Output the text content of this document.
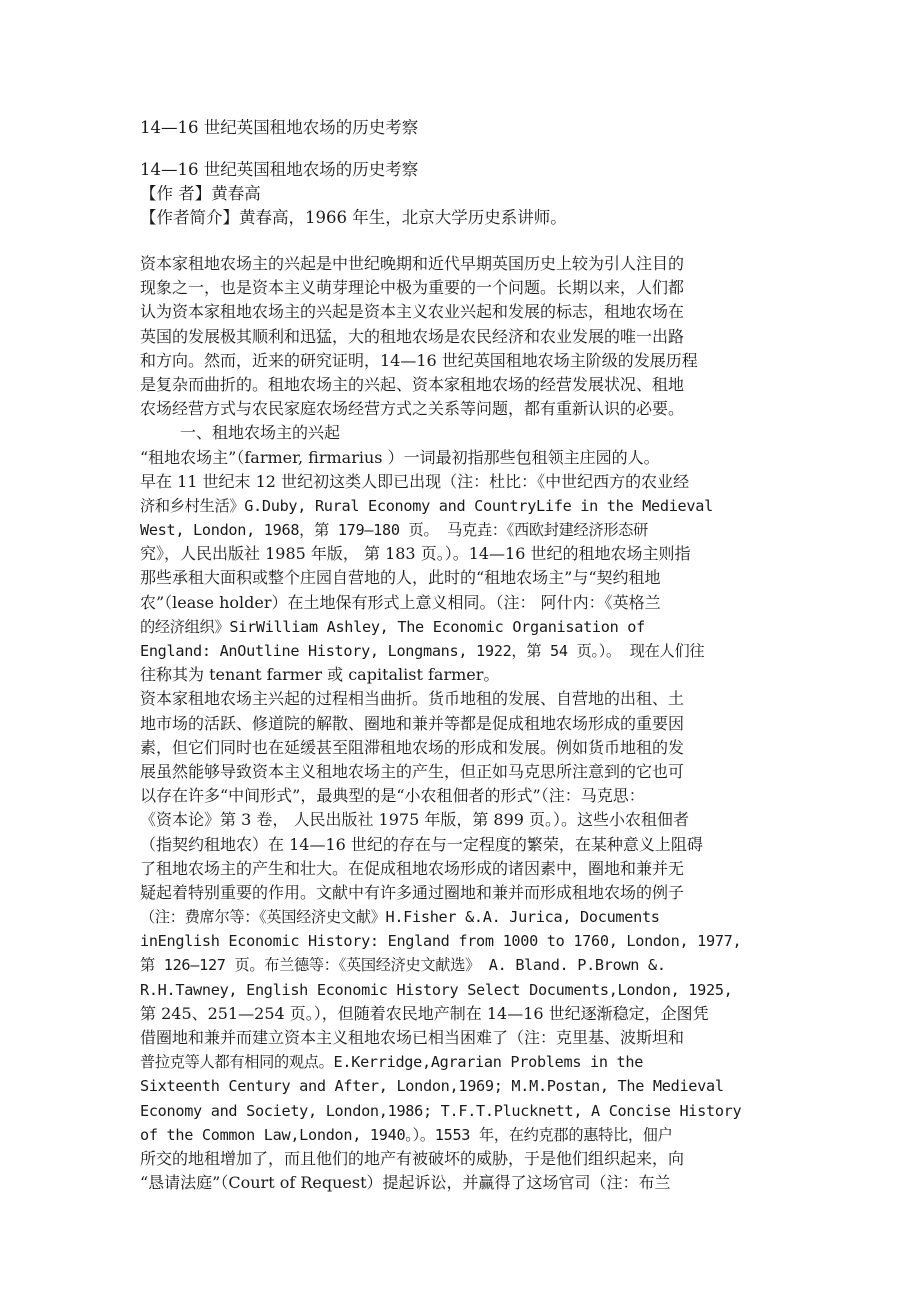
14—16 世纪英国租地农场的历史考察
14—16 世纪英国租地农场的历史考察
【作 者】黄春高
【作者简介】黄春高，1966 年生，北京大学历史系讲师。
资本家租地农场主的兴起是中世纪晚期和近代早期英国历史上较为引人注目的
现象之一，也是资本主义萌芽理论中极为重要的一个问题。长期以来，人们都
认为资本家租地农场主的兴起是资本主义农业兴起和发展的标志，租地农场在
英国的发展极其顺利和迅猛，大的租地农场是农民经济和农业发展的唯一出路
和方向。然而，近来的研究证明，14—16 世纪英国租地农场主阶级的发展历程
是复杂而曲折的。租地农场主的兴起、资本家租地农场的经营发展状况、租地
农场经营方式与农民家庭农场经营方式之关系等问题，都有重新认识的必要。
一、租地农场主的兴起
“租地农场主”（farmer, firmarius ）一词最初指那些包租领主庄园的人。
早在 11 世纪末 12 世纪初这类人即已出现（注：杜比：《中世纪西方的农业经
济和乡村生活》G.Duby, Rural Economy and CountryLife in the Medieval
West, London, 1968，第 179—180 页。 马克垚：《西欧封建经济形态研
究》，人民出版社 1985 年版， 第 183 页。）。14—16 世纪的租地农场主则指
那些承租大面积或整个庄园自营地的人，此时的“租地农场主”与“契约租地
农”（lease holder）在土地保有形式上意义相同。（注： 阿什内：《英格兰
的经济组织》SirWilliam Ashley, The Economic Organisation of
England: AnOutline History, Longmans, 1922，第 54 页。）。 现在人们往
往称其为 tenant farmer 或 capitalist farmer。
资本家租地农场主兴起的过程相当曲折。货币地租的发展、自营地的出租、土
地市场的活跃、修道院的解散、圈地和兼并等都是促成租地农场形成的重要因
素，但它们同时也在延缓甚至阻滞租地农场的形成和发展。例如货币地租的发
展虽然能够导致资本主义租地农场主的产生，但正如马克思所注意到的它也可
以存在许多“中间形式”，最典型的是“小农租佃者的形式”（注：马克思：
《资本论》第 3 卷， 人民出版社 1975 年版，第 899 页。）。这些小农租佃者
（指契约租地农）在 14—16 世纪的存在与一定程度的繁荣，在某种意义上阻碍
了租地农场主的产生和壮大。在促成租地农场形成的诸因素中，圈地和兼并无
疑起着特别重要的作用。文献中有许多通过圈地和兼并而形成租地农场的例子
（注：费席尔等：《英国经济史文献》H.Fisher &.A. Jurica, Documents
inEnglish Economic History: England from 1000 to 1760, London, 1977,
第 126—127 页。布兰德等：《英国经济史文献选》 A. Bland. P.Brown &.
R.H.Tawney, English Economic History Select Documents,London, 1925,
第 245、251—254 页。），但随着农民地产制在 14—16 世纪逐渐稳定，企图凭
借圈地和兼并而建立资本主义租地农场已相当困难了（注：克里基、波斯坦和
普拉克等人都有相同的观点。E.Kerridge,Agrarian Problems in the
Sixteenth Century and After, London,1969; M.M.Postan, The Medieval
Economy and Society, London,1986; T.F.T.Plucknett, A Concise History
of the Common Law,London, 1940。）。1553 年，在约克郡的惠特比，佃户
所交的地租增加了，而且他们的地产有被破坏的威胁，于是他们组织起来，向
“恳请法庭”（Court of Request）提起诉讼，并赢得了这场官司（注：布兰
